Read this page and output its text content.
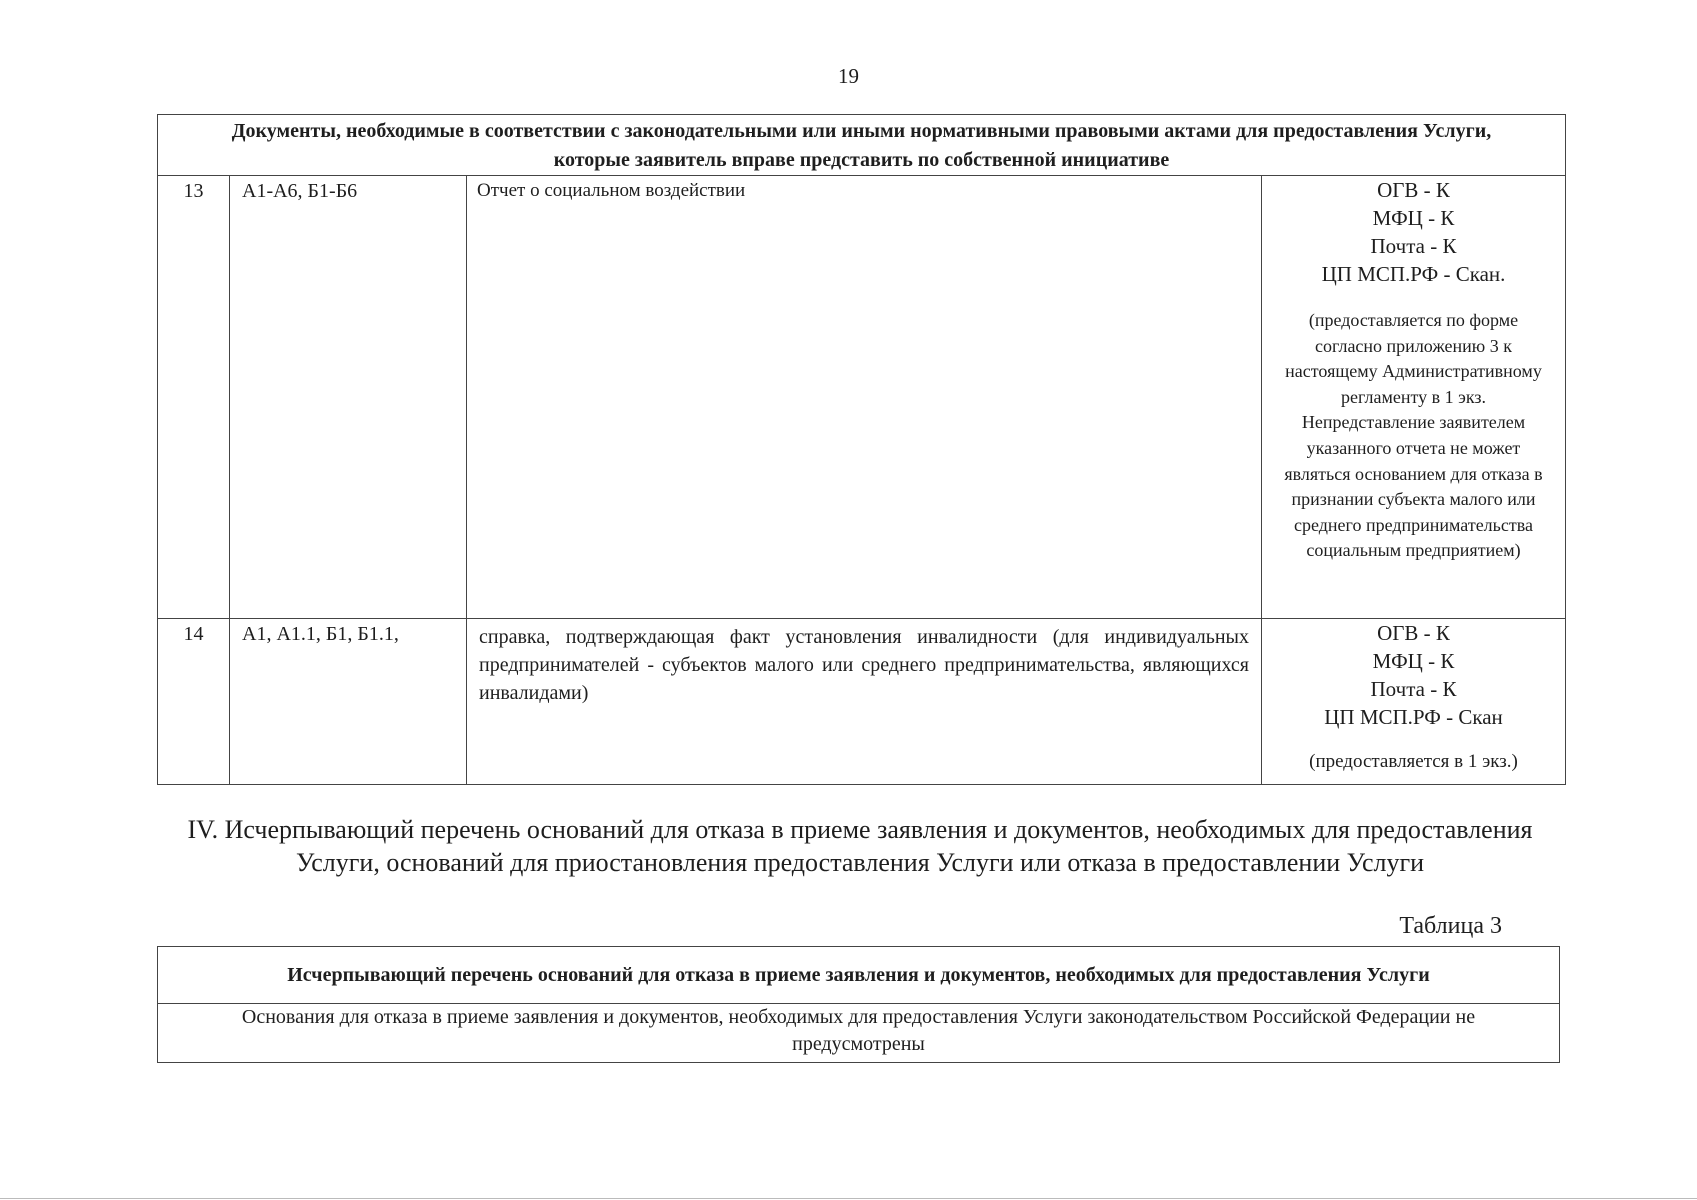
19
Документы, необходимые в соответствии с законодательными или иными нормативными правовыми актами для предоставления Услуги, которые заявитель вправе представить по собственной инициативе			
13	А1-А6, Б1-Б6	Отчет о социальном воздействии	ОГВ - К
МФЦ - К
Почта - К
ЦП МСП.РФ - Скан.
(предоставляется по форме согласно приложению 3 к настоящему Административному регламенту в 1 экз. Непредставление заявителем указанного отчета не может являться основанием для отказа в признании субъекта малого или среднего предпринимательства социальным предприятием)

14	А1, А1.1, Б1, Б1.1,	справка, подтверждающая факт установления инвалидности (для индивидуальных предпринимателей - субъектов малого или среднего предпринимательства, являющихся инвалидами)	ОГВ - К
МФЦ - К
Почта - К
ЦП МСП.РФ - Скан
(предоставляется в 1 экз.)
IV. Исчерпывающий перечень оснований для отказа в приеме заявления и документов, необходимых для предоставления Услуги, оснований для приостановления предоставления Услуги или отказа в предоставлении Услуги
Таблица 3
Исчерпывающий перечень оснований для отказа в приеме заявления и документов, необходимых для предоставления Услуги
Основания для отказа в приеме заявления и документов, необходимых для предоставления Услуги законодательством Российской Федерации не предусмотрены
